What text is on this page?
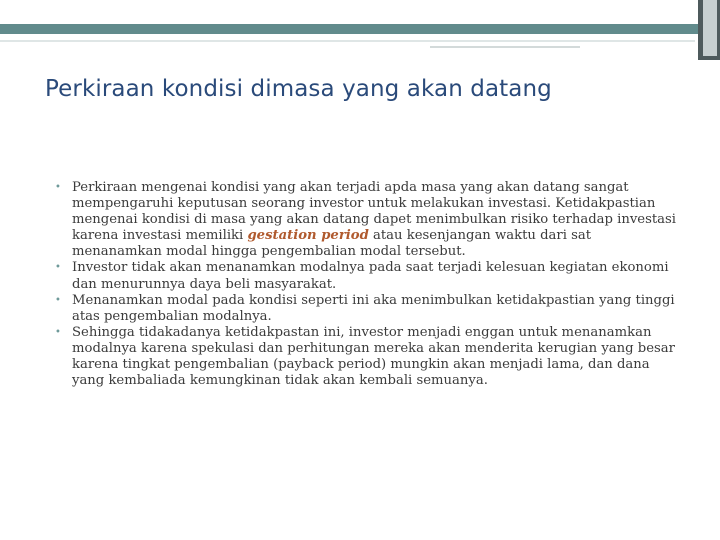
Perkiraan kondisi dimasa yang akan datang
• Perkiraan mengenai kondisi yang akan terjadi apda masa yang akan datang sangat mempengaruhi keputusan seorang investor untuk melakukan investasi. Ketidakpastian mengenai kondisi di masa yang akan datang dapet menimbulkan risiko terhadap investasi karena investasi memiliki gestation period atau kesenjangan waktu dari sat menanamkan modal hingga pengembalian modal tersebut.
• Investor tidak akan menanamkan modalnya pada saat terjadi kelesuan kegiatan ekonomi dan menurunnya daya beli masyarakat.
• Menanamkan modal pada kondisi seperti ini aka menimbulkan ketidakpastian yang tinggi atas pengembalian modalnya.
• Sehingga tidakadanya ketidakpastan ini, investor menjadi enggan untuk menanamkan modalnya karena spekulasi dan perhitungan mereka akan menderita kerugian yang besar karena tingkat pengembalian (payback period) mungkin akan menjadi lama, dan dana yang kembaliada kemungkinan tidak akan kembali semuanya.
